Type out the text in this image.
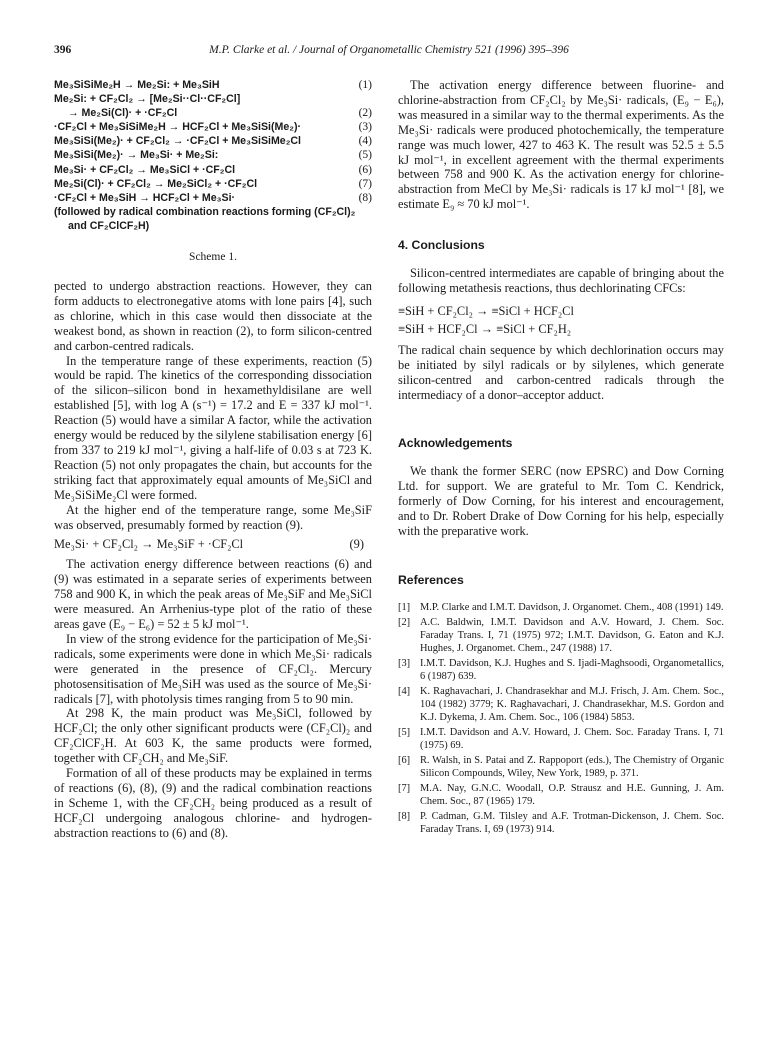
396	M.P. Clarke et al. / Journal of Organometallic Chemistry 521 (1996) 395–396
Me₃SiSiMe₂H → Me₂Si: + Me₃SiH	(1)
Me₂Si: + CF₂Cl₂ → [Me₂Si··Cl··CF₂Cl]
→ Me₂Si(Cl)· + ·CF₂Cl	(2)
·CF₂Cl + Me₃SiSiMe₂H → HCF₂Cl + Me₃SiSi(Me₂)·	(3)
Me₃SiSi(Me₂)· + CF₂Cl₂ → ·CF₂Cl + Me₃SiSiMe₂Cl	(4)
Me₃SiSi(Me₂)· → Me₃Si· + Me₂Si:	(5)
Me₃Si· + CF₂Cl₂ → Me₃SiCl + ·CF₂Cl	(6)
Me₂Si(Cl)· + CF₂Cl₂ → Me₂SiCl₂ + ·CF₂Cl	(7)
·CF₂Cl + Me₃SiH → HCF₂Cl + Me₃Si·	(8)
(followed by radical combination reactions forming (CF₂Cl)₂
and CF₂ClCF₂H)
Scheme 1.

pected to undergo abstraction reactions. However, they can form adducts to electronegative atoms with lone pairs [4], such as chlorine, which in this case would then dissociate at the weakest bond, as shown in reaction (2), to form silicon-centred and carbon-centred radicals.

In the temperature range of these experiments, reaction (5) would be rapid. The kinetics of the corresponding dissociation of the silicon–silicon bond in hexamethyldisilane are well established [5], with log A (s⁻¹) = 17.2 and E = 337 kJ mol⁻¹. Reaction (5) would have a similar A factor, while the activation energy would be reduced by the silylene stabilisation energy [6] from 337 to 219 kJ mol⁻¹, giving a half-life of 0.03 s at 723 K. Reaction (5) not only propagates the chain, but accounts for the striking fact that approximately equal amounts of Me₃SiCl and Me₃SiSiMe₂Cl were formed.

At the higher end of the temperature range, some Me₃SiF was observed, presumably formed by reaction (9).

Me₃Si· + CF₂Cl₂ → Me₃SiF + ·CF₂Cl	(9)

The activation energy difference between reactions (6) and (9) was estimated in a separate series of experiments between 758 and 900 K, in which the peak areas of Me₃SiF and Me₃SiCl were measured. An Arrhenius-type plot of the ratio of these areas gave (E₉ − E₆) = 52 ± 5 kJ mol⁻¹.

In view of the strong evidence for the participation of Me₃Si· radicals, some experiments were done in which Me₃Si· radicals were generated in the presence of CF₂Cl₂. Mercury photosensitisation of Me₃SiH was used as the source of Me₃Si· radicals [7], with photolysis times ranging from 5 to 90 min.

At 298 K, the main product was Me₃SiCl, followed by HCF₂Cl; the only other significant products were (CF₂Cl)₂ and CF₂ClCF₂H. At 603 K, the same products were formed, together with CF₂CH₂ and Me₃SiF.

Formation of all of these products may be explained in terms of reactions (6), (8), (9) and the radical combination reactions in Scheme 1, with the CF₂CH₂ being produced as a result of HCF₂Cl undergoing analogous chlorine- and hydrogen-abstraction reactions to (6) and (8).

The activation energy difference between fluorine- and chlorine-abstraction from CF₂Cl₂ by Me₃Si· radicals, (E₉ − E₆), was measured in a similar way to the thermal experiments. As the Me₃Si· radicals were produced photochemically, the temperature range was much lower, 427 to 463 K. The result was 52.5 ± 5.5 kJ mol⁻¹, in excellent agreement with the thermal experiments between 758 and 900 K. As the activation energy for chlorine-abstraction from MeCl by Me₃Si· radicals is 17 kJ mol⁻¹ [8], we estimate E₉ ≈ 70 kJ mol⁻¹.

4. Conclusions

Silicon-centred intermediates are capable of bringing about the following metathesis reactions, thus dechlorinating CFCs:

≡SiH + CF₂Cl₂ → ≡SiCl + HCF₂Cl
≡SiH + HCF₂Cl → ≡SiCl + CF₂H₂

The radical chain sequence by which dechlorination occurs may be initiated by silyl radicals or by silylenes, which generate silicon-centred and carbon-centred radicals through the intermediacy of a donor–acceptor adduct.

Acknowledgements

We thank the former SERC (now EPSRC) and Dow Corning Ltd. for support. We are grateful to Mr. Tom C. Kendrick, formerly of Dow Corning, for his interest and encouragement, and to Dr. Robert Drake of Dow Corning for his help, especially with the preparative work.

References
[1] M.P. Clarke and I.M.T. Davidson, J. Organomet. Chem., 408 (1991) 149.
[2] A.C. Baldwin, I.M.T. Davidson and A.V. Howard, J. Chem. Soc. Faraday Trans. I, 71 (1975) 972; I.M.T. Davidson, G. Eaton and K.J. Hughes, J. Organomet. Chem., 247 (1988) 17.
[3] I.M.T. Davidson, K.J. Hughes and S. Ijadi-Maghsoodi, Organometallics, 6 (1987) 639.
[4] K. Raghavachari, J. Chandrasekhar and M.J. Frisch, J. Am. Chem. Soc., 104 (1982) 3779; K. Raghavachari, J. Chandrasekhar, M.S. Gordon and K.J. Dykema, J. Am. Chem. Soc., 106 (1984) 5853.
[5] I.M.T. Davidson and A.V. Howard, J. Chem. Soc. Faraday Trans. I, 71 (1975) 69.
[6] R. Walsh, in S. Patai and Z. Rappoport (eds.), The Chemistry of Organic Silicon Compounds, Wiley, New York, 1989, p. 371.
[7] M.A. Nay, G.N.C. Woodall, O.P. Strausz and H.E. Gunning, J. Am. Chem. Soc., 87 (1965) 179.
[8] P. Cadman, G.M. Tilsley and A.F. Trotman-Dickenson, J. Chem. Soc. Faraday Trans. I, 69 (1973) 914.
